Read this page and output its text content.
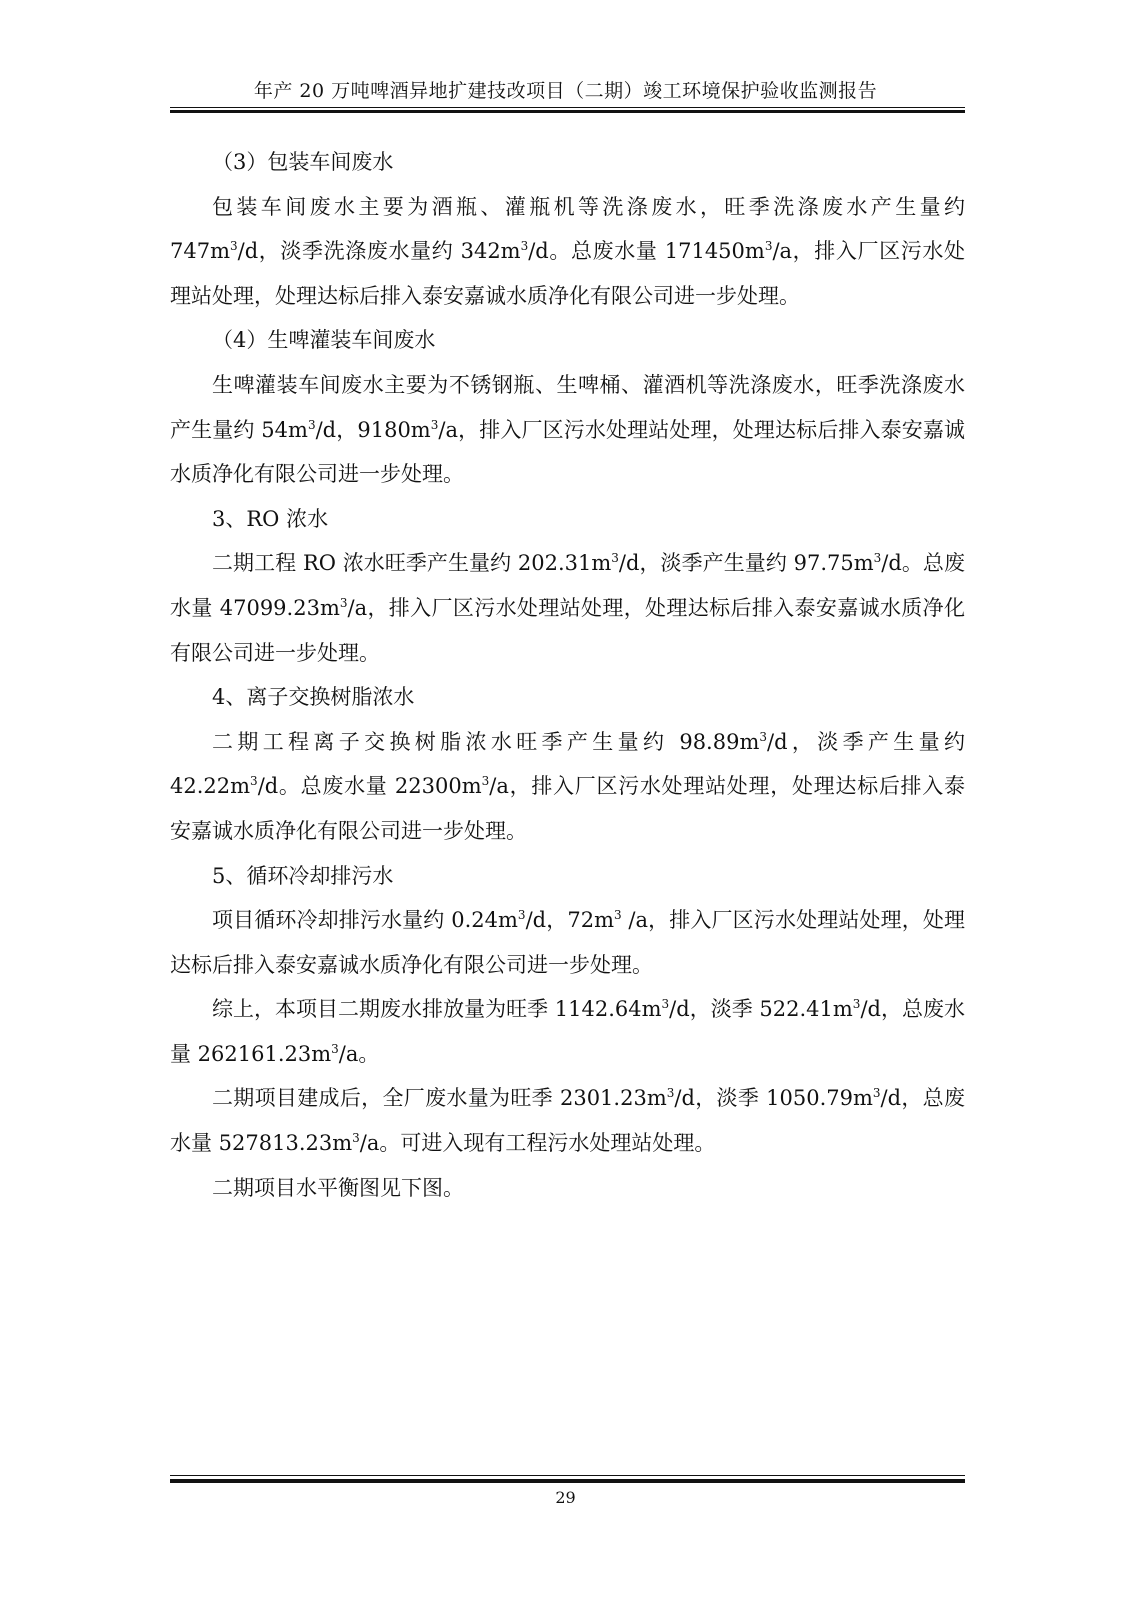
年产 20 万吨啤酒异地扩建技改项目（二期）竣工环境保护验收监测报告

（3）包装车间废水

包装车间废水主要为酒瓶、灌瓶机等洗涤废水，旺季洗涤废水产生量约 $747m^3/d$，淡季洗涤废水量约 $342m^3/d$。总废水量 $171450m^3/a$，排入厂区污水处理站处理，处理达标后排入泰安嘉诚水质净化有限公司进一步处理。

（4）生啤灌装车间废水

生啤灌装车间废水主要为不锈钢瓶、生啤桶、灌酒机等洗涤废水，旺季洗涤废水产生量约 $54m^3/d$，$9180m^3/a$，排入厂区污水处理站处理，处理达标后排入泰安嘉诚水质净化有限公司进一步处理。

3、RO 浓水

二期工程 RO 浓水旺季产生量约 $202.31m^3/d$，淡季产生量约 $97.75m^3/d$。总废水量 $47099.23m^3/a$，排入厂区污水处理站处理，处理达标后排入泰安嘉诚水质净化有限公司进一步处理。

4、离子交换树脂浓水

二期工程离子交换树脂浓水旺季产生量约 $98.89m^3/d$，淡季产生量约 $42.22m^3/d$。总废水量 $22300m^3/a$，排入厂区污水处理站处理，处理达标后排入泰安嘉诚水质净化有限公司进一步处理。

5、循环冷却排污水

项目循环冷却排污水量约 $0.24m^3/d$，$72m^3$ /a，排入厂区污水处理站处理，处理达标后排入泰安嘉诚水质净化有限公司进一步处理。

综上，本项目二期废水排放量为旺季 $1142.64m^3/d$，淡季 $522.41m^3/d$，总废水量 $262161.23m^3/a$。

二期项目建成后，全厂废水量为旺季 $2301.23m^3/d$，淡季 $1050.79m^3/d$，总废水量 $527813.23m^3/a$。可进入现有工程污水处理站处理。

二期项目水平衡图见下图。

29
